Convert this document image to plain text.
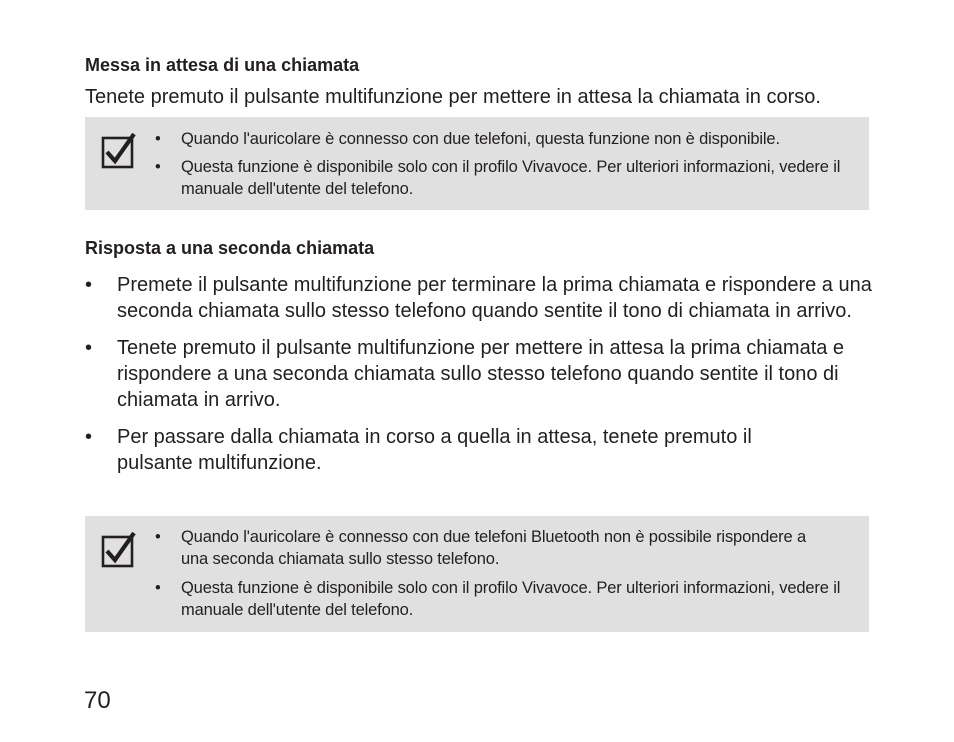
Messa in attesa di una chiamata

Tenete premuto il pulsante multifunzione per mettere in attesa la chiamata in corso.

• Quando l'auricolare è connesso con due telefoni, questa funzione non è disponibile.
• Questa funzione è disponibile solo con il profilo Vivavoce. Per ulteriori informazioni, vedere il manuale dell'utente del telefono.
Risposta a una seconda chiamata
• Premete il pulsante multifunzione per terminare la prima chiamata e rispondere a una seconda chiamata sullo stesso telefono quando sentite il tono di chiamata in arrivo.
• Tenete premuto il pulsante multifunzione per mettere in attesa la prima chiamata e rispondere a una seconda chiamata sullo stesso telefono quando sentite il tono di chiamata in arrivo.
• Per passare dalla chiamata in corso a quella in attesa, tenete premuto il pulsante multifunzione.
• Quando l'auricolare è connesso con due telefoni Bluetooth non è possibile rispondere a una seconda chiamata sullo stesso telefono.
• Questa funzione è disponibile solo con il profilo Vivavoce. Per ulteriori informazioni, vedere il manuale dell'utente del telefono.

70
